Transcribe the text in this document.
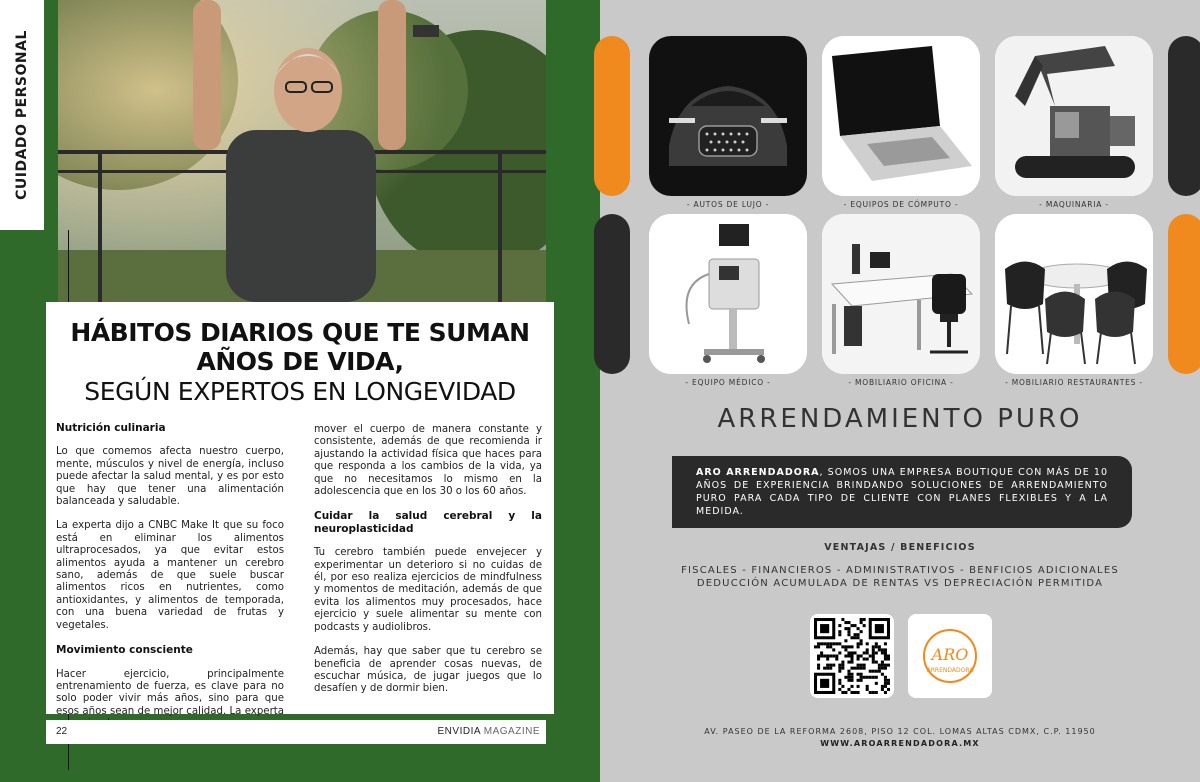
CUIDADO PERSONAL
HÁBITOS DIARIOS QUE TE SUMAN
AÑOS DE VIDA,
SEGÚN EXPERTOS EN LONGEVIDAD
Nutrición culinaria

Lo que comemos afecta nuestro cuerpo, mente, músculos y nivel de energía, incluso puede afectar la salud mental, y es por esto que hay que tener una alimentación balanceada y saludable.

La experta dijo a CNBC Make It que su foco está en eliminar los alimentos ultraprocesados, ya que evitar estos alimentos ayuda a mantener un cerebro sano, además de que suele buscar alimentos ricos en nutrientes, como antioxidantes, y alimentos de temporada, con una buena variedad de frutas y vegetales.

Movimiento consciente

Hacer ejercicio, principalmente entrenamiento de fuerza, es clave para no solo poder vivir más años, sino para que esos años sean de mejor calidad. La experta

mover el cuerpo de manera constante y consistente, además de que recomienda ir ajustando la actividad física que haces para que responda a los cambios de la vida, ya que no necesitamos lo mismo en la adolescencia que en los 30 o los 60 años.

Cuidar la salud cerebral y la neuroplasticidad

Tu cerebro también puede envejecer y experimentar un deterioro si no cuidas de él, por eso realiza ejercicios de mindfulness y momentos de meditación, además de que evita los alimentos muy procesados, hace ejercicio y suele alimentar su mente con podcasts y audiolibros.

Además, hay que saber que tu cerebro se beneficia de aprender cosas nuevas, de escuchar música, de jugar juegos que lo desafíen y de dormir bien.

22	ENVIDIA MAGAZINE
- AUTOS DE LUJO -	- EQUIPOS DE CÓMPUTO -	- MAQUINARIA -
- EQUIPO MÉDICO -	- MOBILIARIO OFICINA -	- MOBILIARIO RESTAURANTES -
ARRENDAMIENTO PURO
ARO ARRENDADORA, SOMOS UNA EMPRESA BOUTIQUE CON MÁS DE 10 AÑOS DE EXPERIENCIA BRINDANDO SOLUCIONES DE ARRENDAMIENTO PURO PARA CADA TIPO DE CLIENTE CON PLANES FLEXIBLES Y A LA MEDIDA.
VENTAJAS / BENEFICIOS
FISCALES - FINANCIEROS - ADMINISTRATIVOS - BENFICIOS ADICIONALES
DEDUCCIÓN ACUMULADA DE RENTAS VS DEPRECIACIÓN PERMITIDA
ARO
ARRENDADORA
AV. PASEO DE LA REFORMA 2608, PISO 12 COL. LOMAS ALTAS CDMX, C.P. 11950
WWW.AROARRENDADORA.MX
